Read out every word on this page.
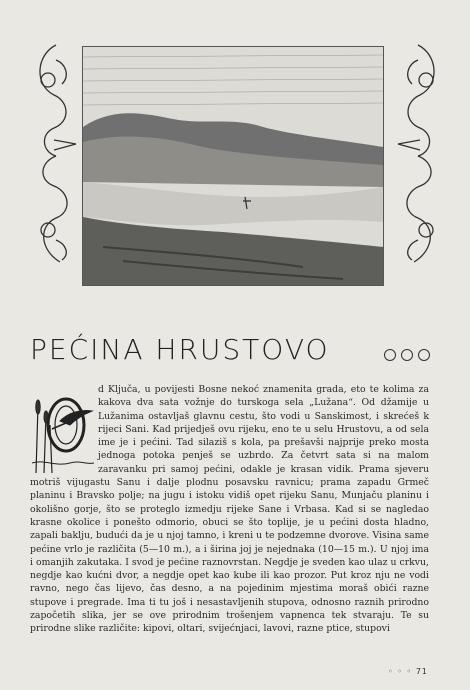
PEĆINA HRUSTOVO
d Ključa, u povijesti Bosne nekoć znamenita grada, eto te kolima za kakova dva sata vožnje do turskoga sela „Lužana“. Od džamije u Lužanima ostavljaš glavnu cestu, što vodi u Sanskimost, i skrećeš k rijeci Sani. Kad prijedješ ovu rijeku, eno te u selu Hrustovu, a od sela ime je i pećini. Tad silaziš s kola, pa prešavši najprije preko mosta jednoga potoka penješ se uzbrdo. Za četvrt sata si na malom zaravanku pri samoj pećini, odakle je krasan vidik. Prama sjeveru motriš vijugastu Sanu i dalje plodnu posavsku ravnicu; prama zapadu Grmeč planinu i Bravsko polje; na jugu i istoku vidiš opet rijeku Sanu, Munjaču planinu i okolišno gorje, što se proteglo izmedju rijeke Sane i Vrbasa. Kad si se nagledao krasne okolice i ponešto odmorio, obuci se što toplije, je u pećini dosta hladno, zapali baklju, budući da je u njoj tamno, i kreni u te podzemne dvorove. Visina same pećine vrlo je različita (5—10 m.), a i širina joj je nejednaka (10—15 m.). U njoj ima i omanjih zakutaka. I svod je pećine raznovrstan. Negdje je sveden kao ulaz u crkvu, negdje kao kućni dvor, a negdje opet kao kube ili kao prozor. Put kroz nju ne vodi ravno, nego čas lijevo, čas desno, a na pojedinim mjestima moraš obići razne stupove i pregrade. Ima ti tu još i nesastavljenih stupova, odnosno raznih prirodno započetih slika, jer se ove prirodnim trošenjem vapnenca tek stvaraju. Te su prirodne slike različite: kipovi, oltari, svijećnjaci, lavovi, razne ptice, stupovi
◦ ◦ ◦ 71
